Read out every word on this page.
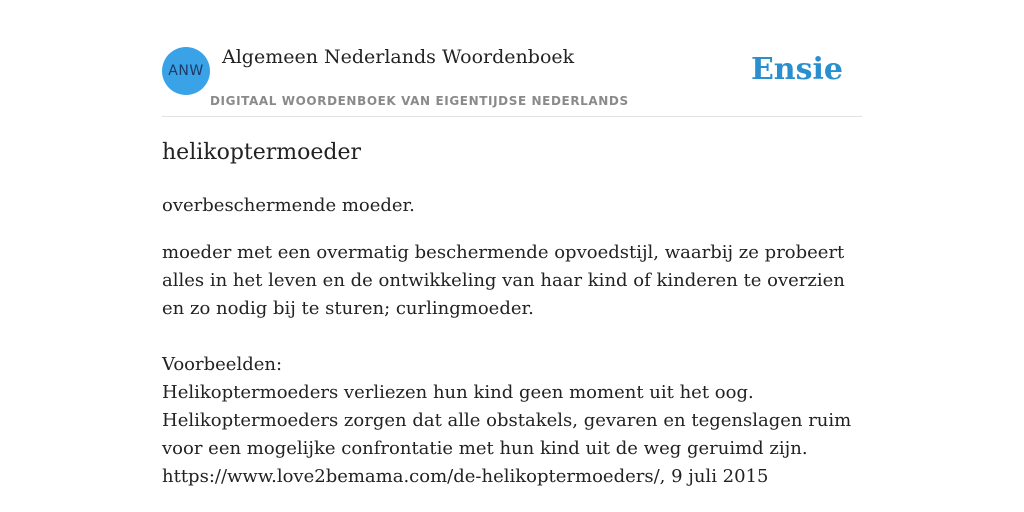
ANW
Algemeen Nederlands Woordenboek
DIGITAAL WOORDENBOEK VAN EIGENTIJDSE NEDERLANDS
Ensie
helikoptermoeder
overbeschermende moeder.
moeder met een overmatig beschermende opvoedstijl, waarbij ze probeert alles in het leven en de ontwikkeling van haar kind of kinderen te overzien en zo nodig bij te sturen; curlingmoeder.

Voorbeelden:
Helikoptermoeders verliezen hun kind geen moment uit het oog.
Helikoptermoeders zorgen dat alle obstakels, gevaren en tegenslagen ruim voor een mogelijke confrontatie met hun kind uit de weg geruimd zijn.
https://www.love2bemama.com/de-helikoptermoeders/, 9 juli 2015
